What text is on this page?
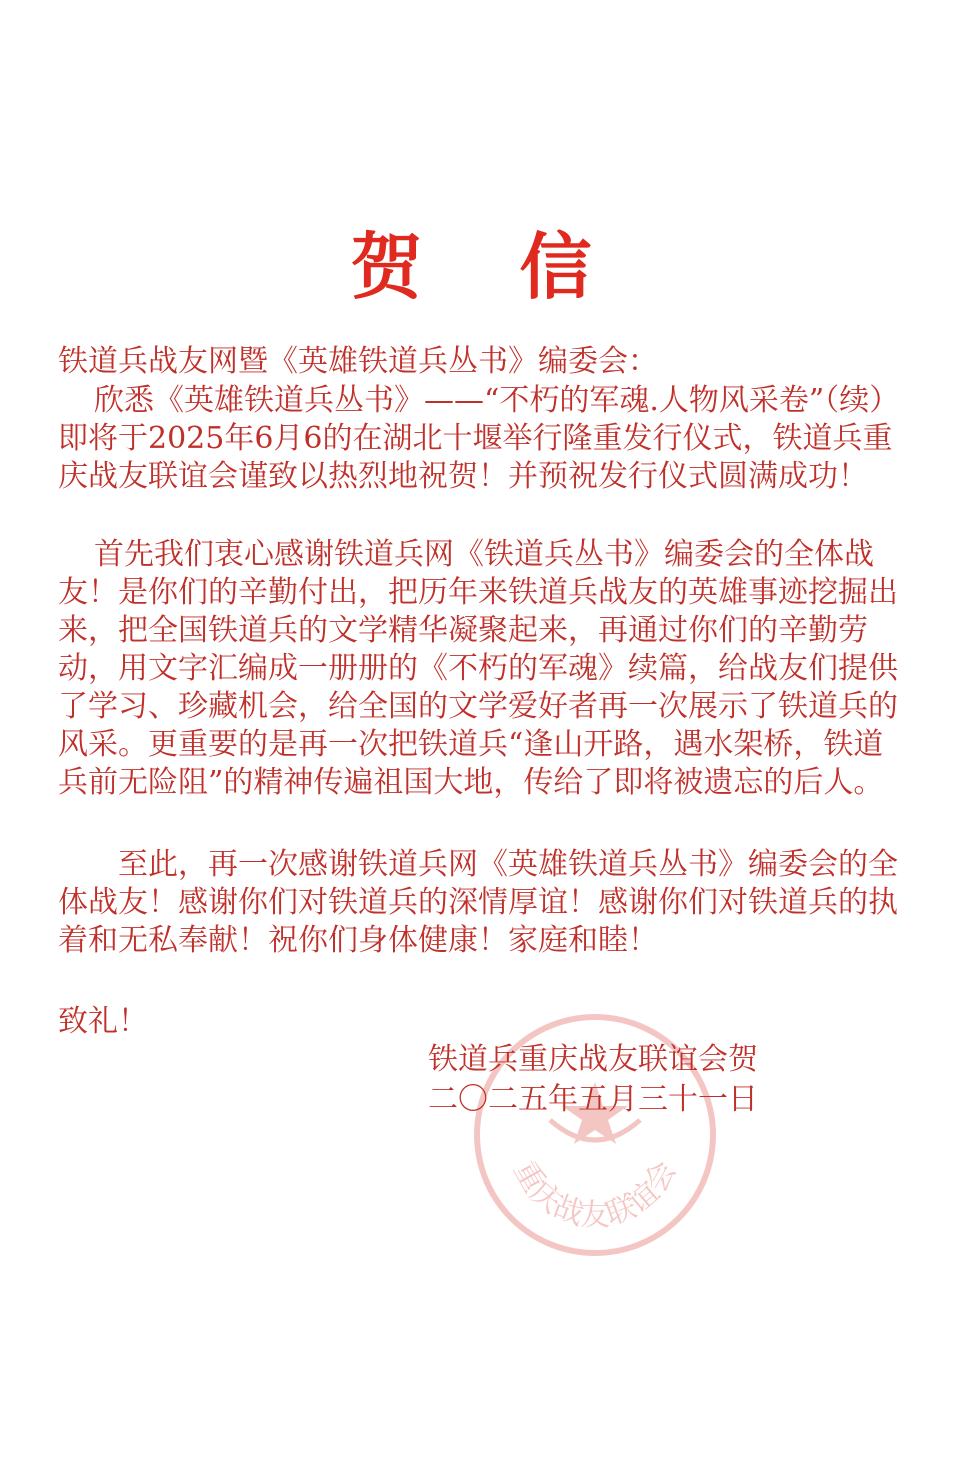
贺 信
铁道兵战友网暨《英雄铁道兵丛书》编委会：

欣悉《英雄铁道兵丛书》——“不朽的军魂.人物风采卷”（续）即将于2025年6月6的在湖北十堰举行隆重发行仪式，铁道兵重庆战友联谊会谨致以热烈地祝贺！并预祝发行仪式圆满成功！

首先我们衷心感谢铁道兵网《铁道兵丛书》编委会的全体战友！是你们的辛勤付出，把历年来铁道兵战友的英雄事迹挖掘出来，把全国铁道兵的文学精华凝聚起来，再通过你们的辛勤劳动，用文字汇编成一册册的《不朽的军魂》续篇，给战友们提供了学习、珍藏机会，给全国的文学爱好者再一次展示了铁道兵的风采。更重要的是再一次把铁道兵“逢山开路，遇水架桥，铁道兵前无险阻”的精神传遍祖国大地，传给了即将被遗忘的后人。

至此，再一次感谢铁道兵网《英雄铁道兵丛书》编委会的全体战友！感谢你们对铁道兵的深情厚谊！感谢你们对铁道兵的执着和无私奉献！祝你们身体健康！家庭和睦！

致礼！
重庆战友联谊会
铁道兵重庆战友联谊会贺
二〇二五年五月三十一日
